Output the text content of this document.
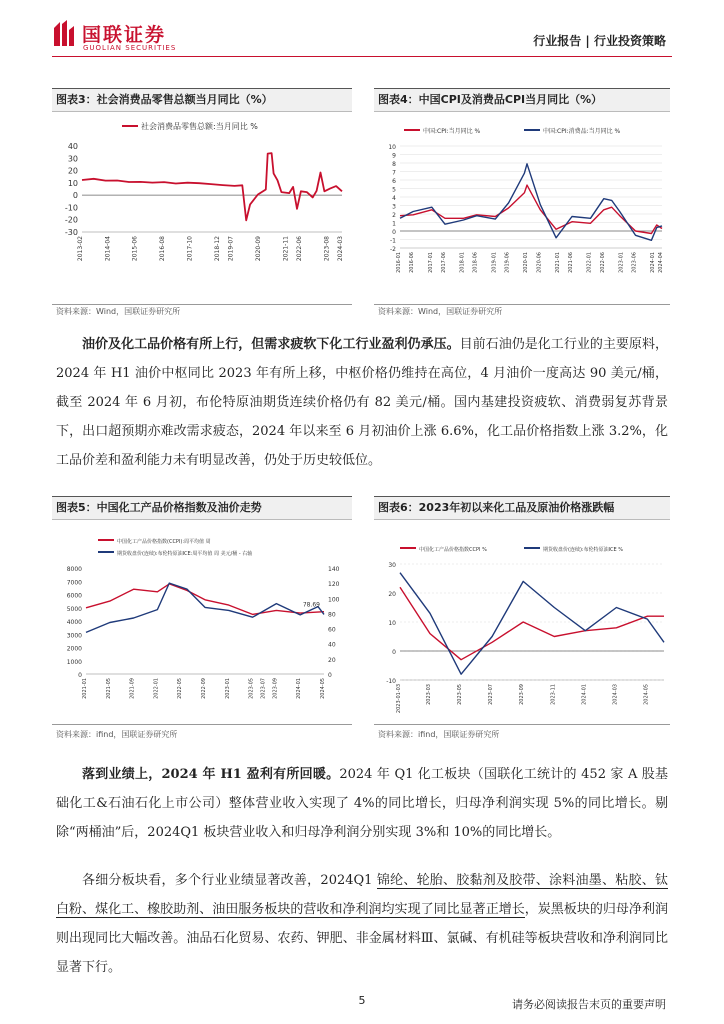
国联证券
GUOLIAN SECURITIES	行业报告 | 行业投资策略
图表3：社会消费品零售总额当月同比（%）
社会消费品零售总额:当月同比 %
-30
-20
-10
0
10
20
30
40
2013-02	2014-04	2015-06	2016-08	2017-10	2018-12 2019-07	2020-09	2021-11 2022-06	2023-08 2024-03
资料来源：Wind，国联证券研究所
图表4：中国CPI及消费品CPI当月同比（%）
中国:CPI:当月同比 %	中国:CPI:消费品:当月同比 %
-2
-1
0
1
2
3
4
5
6
7
8
9
10
2016-01 2016-06	2017-01 2017-06	2018-01 2018-06	2019-01 2019-06	2020-01 2020-06	2021-01 2021-06	2022-01 2022-06	2023-01 2023-06	2024-01 2024-04
资料来源：Wind，国联证券研究所
油价及化工品价格有所上行，但需求疲软下化工行业盈利仍承压。目前石油仍是化工行业的主要原料，2024 年 H1 油价中枢同比 2023 年有所上移，中枢价格仍维持在高位，4 月油价一度高达 90 美元/桶，截至 2024 年 6 月初，布伦特原油期货连续价格仍有 82 美元/桶。国内基建投资疲软、消费弱复苏背景下，出口超预期亦难改需求疲态，2024 年以来至 6 月初油价上涨 6.6%，化工品价格指数上涨 3.2%，化工品价差和盈利能力未有明显改善，仍处于历史较低位。
图表5：中国化工产品价格指数及油价走势
中国化工产品价格指数(CCPI):周平均值 周
期货收盘价(连续):布伦特原油ICE:周平均值 周 美元/桶 - 右轴
0
1000
2000
3000
4000
5000
6000
7000
8000
0
20
40
60
80
100
120
140
2021-01	2021-05	2021-09	2022-01	2022-05	2022-09	2023-01	2023-05 2023-07 2023-09	2024-01	2024-05
78.69
资料来源：ifind，国联证券研究所
图表6：2023年初以来化工品及原油价格涨跌幅
中国化工产品价格指数CCPI %	期货收盘价(连续):布伦特原油ICE %
-10
0
10
20
30
2023-01-03	2023-03	2023-05	2023-07	2023-09	2023-11	2024-01	2024-03	2024-05
资料来源：ifind，国联证券研究所
落到业绩上，2024 年 H1 盈利有所回暖。2024 年 Q1 化工板块（国联化工统计的 452 家 A 股基础化工&石油石化上市公司）整体营业收入实现了 4%的同比增长，归母净利润实现 5%的同比增长。剔除“两桶油”后，2024Q1 板块营业收入和归母净利润分别实现 3%和 10%的同比增长。
各细分板块看，多个行业业绩显著改善，2024Q1 锦纶、轮胎、胶黏剂及胶带、涂料油墨、粘胶、钛白粉、煤化工、橡胶助剂、油田服务板块的营收和净利润均实现了同比显著正增长，炭黑板块的归母净利润则出现同比大幅改善。油品石化贸易、农药、钾肥、非金属材料Ⅲ、氯碱、有机硅等板块营收和净利润同比显著下行。
5	请务必阅读报告末页的重要声明
